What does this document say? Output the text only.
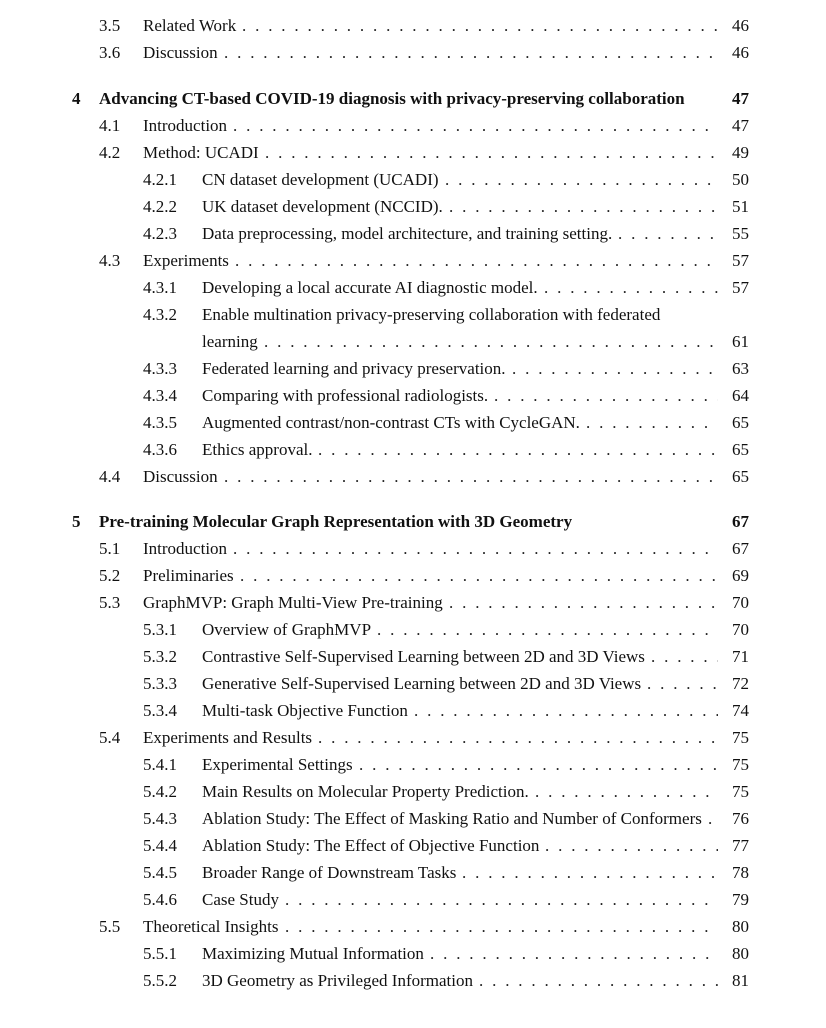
3.5 Related Work	46
. . .
3.6 Discussion	46
. . .
4 Advancing CT-based COVID-19 diagnosis with privacy-preserving collaboration	47
4.1 Introduction	47
. . .
4.2 Method: UCADI	49
. . .
4.2.1 CN dataset development (UCADI)	50
. . .
4.2.2 UK dataset development (NCCID).	51
. . .
4.2.3 Data preprocessing, model architecture, and training setting.	55
. . .
4.3 Experiments	57
. . .
4.3.1 Developing a local accurate AI diagnostic model.	57
. . .
4.3.2 Enable multination privacy-preserving collaboration with federated
learning	61
. . .
4.3.3 Federated learning and privacy preservation.	63
. . .
4.3.4 Comparing with professional radiologists.	64
. . .
4.3.5 Augmented contrast/non-contrast CTs with CycleGAN.	65
. . .
4.3.6 Ethics approval.	65
. . .
4.4 Discussion	65
. . .
5 Pre-training Molecular Graph Representation with 3D Geometry	67
5.1 Introduction	67
. . .
5.2 Preliminaries	69
. . .
5.3 GraphMVP: Graph Multi-View Pre-training	70
. . .
5.3.1 Overview of GraphMVP	70
. . .
5.3.2 Contrastive Self-Supervised Learning between 2D and 3D Views	71
. . .
5.3.3 Generative Self-Supervised Learning between 2D and 3D Views	72
. . .
5.3.4 Multi-task Objective Function	74
. . .
5.4 Experiments and Results	75
. . .
5.4.1 Experimental Settings	75
. . .
5.4.2 Main Results on Molecular Property Prediction.	75
. . .
5.4.3 Ablation Study: The Effect of Masking Ratio and Number of Conformers 76
. . .
5.4.4 Ablation Study: The Effect of Objective Function	77
. . .
5.4.5 Broader Range of Downstream Tasks	78
. . .
5.4.6 Case Study	79
. . .
5.5 Theoretical Insights	80
. . .
5.5.1 Maximizing Mutual Information	80
. . .
5.5.2 3D Geometry as Privileged Information	81
. . .
